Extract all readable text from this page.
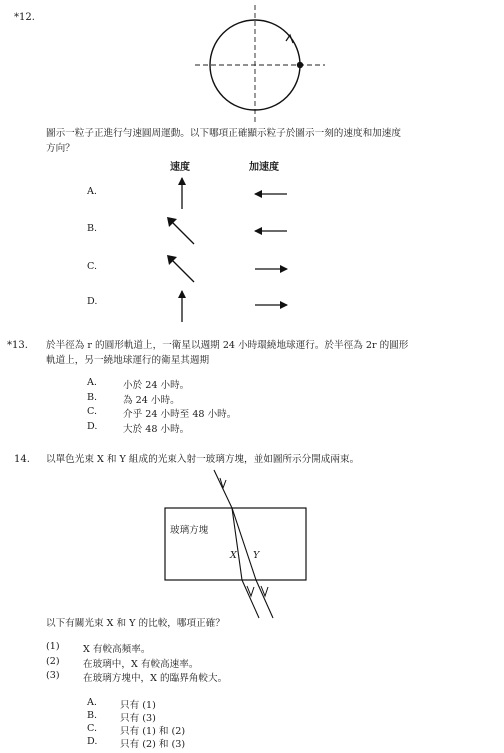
*12.
圖示一粒子正進行勻速圓周運動。以下哪項正確顯示粒子於圖示一刻的速度和加速度
方向？
速度	加速度
A.
B.
C.
D.
*13. 於半徑為 r 的圓形軌道上，一衛星以週期 24 小時環繞地球運行。於半徑為 2r 的圓形
軌道上，另一繞地球運行的衛星其週期
A.	小於 24 小時。
B.	為 24 小時。
C.	介乎 24 小時至 48 小時。
D.	大於 48 小時。
14. 以單色光束 X 和 Y 組成的光束入射一玻璃方塊，並如圖所示分開成兩束。
玻璃方塊
X Y
以下有關光束 X 和 Y 的比較，哪項正確？
(1) X 有較高頻率。
(2) 在玻璃中，X 有較高速率。
(3) 在玻璃方塊中，X 的臨界角較大。
A. 只有 (1)
B. 只有 (3)
C. 只有 (1) 和 (2)
D. 只有 (2) 和 (3)
